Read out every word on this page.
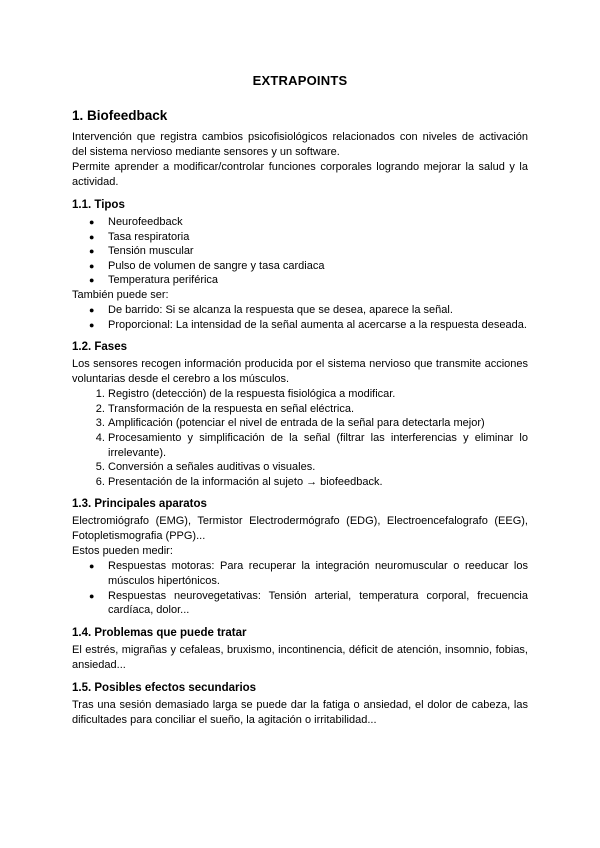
EXTRAPOINTS
1. Biofeedback

Intervención que registra cambios psicofisiológicos relacionados con niveles de activación del sistema nervioso mediante sensores y un software.

Permite aprender a modificar/controlar funciones corporales logrando mejorar la salud y la actividad.

1.1. Tipos
● Neurofeedback
● Tasa respiratoria
● Tensión muscular
● Pulso de volumen de sangre y tasa cardiaca
● Temperatura periférica

También puede ser:

● De barrido: Si se alcanza la respuesta que se desea, aparece la señal.
● Proporcional: La intensidad de la señal aumenta al acercarse a la respuesta deseada.
1.2. Fases

Los sensores recogen información producida por el sistema nervioso que transmite acciones voluntarias desde el cerebro a los músculos.

1. Registro (detección) de la respuesta fisiológica a modificar.
2. Transformación de la respuesta en señal eléctrica.
3. Amplificación (potenciar el nivel de entrada de la señal para detectarla mejor)
4. Procesamiento y simplificación de la señal (filtrar las interferencias y eliminar lo irrelevante).
5. Conversión a señales auditivas o visuales.
6. Presentación de la información al sujeto → biofeedback.
1.3. Principales aparatos

Electromiógrafo (EMG), Termistor Electrodermógrafo (EDG), Electroencefalografo (EEG), Fotopletismografia (PPG)...

Estos pueden medir:

● Respuestas motoras: Para recuperar la integración neuromuscular o reeducar los músculos hipertónicos.
● Respuestas neurovegetativas: Tensión arterial, temperatura corporal, frecuencia cardíaca, dolor...
1.4. Problemas que puede tratar

El estrés, migrañas y cefaleas, bruxismo, incontinencia, déficit de atención, insomnio, fobias, ansiedad...

1.5. Posibles efectos secundarios

Tras una sesión demasiado larga se puede dar la fatiga o ansiedad, el dolor de cabeza, las dificultades para conciliar el sueño, la agitación o irritabilidad...
